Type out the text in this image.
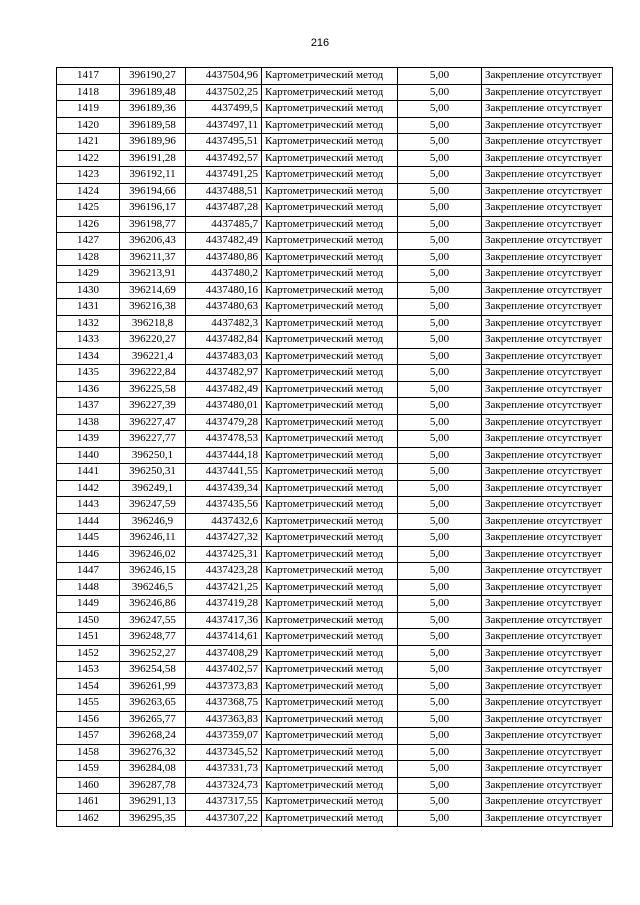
216
1417	396190,27	4437504,96	Картометрический метод	5,00	Закрепление отсутствует
1418	396189,48	4437502,25	Картометрический метод	5,00	Закрепление отсутствует
1419	396189,36	4437499,5	Картометрический метод	5,00	Закрепление отсутствует
1420	396189,58	4437497,11	Картометрический метод	5,00	Закрепление отсутствует
1421	396189,96	4437495,51	Картометрический метод	5,00	Закрепление отсутствует
1422	396191,28	4437492,57	Картометрический метод	5,00	Закрепление отсутствует
1423	396192,11	4437491,25	Картометрический метод	5,00	Закрепление отсутствует
1424	396194,66	4437488,51	Картометрический метод	5,00	Закрепление отсутствует
1425	396196,17	4437487,28	Картометрический метод	5,00	Закрепление отсутствует
1426	396198,77	4437485,7	Картометрический метод	5,00	Закрепление отсутствует
1427	396206,43	4437482,49	Картометрический метод	5,00	Закрепление отсутствует
1428	396211,37	4437480,86	Картометрический метод	5,00	Закрепление отсутствует
1429	396213,91	4437480,2	Картометрический метод	5,00	Закрепление отсутствует
1430	396214,69	4437480,16	Картометрический метод	5,00	Закрепление отсутствует
1431	396216,38	4437480,63	Картометрический метод	5,00	Закрепление отсутствует
1432	396218,8	4437482,3	Картометрический метод	5,00	Закрепление отсутствует
1433	396220,27	4437482,84	Картометрический метод	5,00	Закрепление отсутствует
1434	396221,4	4437483,03	Картометрический метод	5,00	Закрепление отсутствует
1435	396222,84	4437482,97	Картометрический метод	5,00	Закрепление отсутствует
1436	396225,58	4437482,49	Картометрический метод	5,00	Закрепление отсутствует
1437	396227,39	4437480,01	Картометрический метод	5,00	Закрепление отсутствует
1438	396227,47	4437479,28	Картометрический метод	5,00	Закрепление отсутствует
1439	396227,77	4437478,53	Картометрический метод	5,00	Закрепление отсутствует
1440	396250,1	4437444,18	Картометрический метод	5,00	Закрепление отсутствует
1441	396250,31	4437441,55	Картометрический метод	5,00	Закрепление отсутствует
1442	396249,1	4437439,34	Картометрический метод	5,00	Закрепление отсутствует
1443	396247,59	4437435,56	Картометрический метод	5,00	Закрепление отсутствует
1444	396246,9	4437432,6	Картометрический метод	5,00	Закрепление отсутствует
1445	396246,11	4437427,32	Картометрический метод	5,00	Закрепление отсутствует
1446	396246,02	4437425,31	Картометрический метод	5,00	Закрепление отсутствует
1447	396246,15	4437423,28	Картометрический метод	5,00	Закрепление отсутствует
1448	396246,5	4437421,25	Картометрический метод	5,00	Закрепление отсутствует
1449	396246,86	4437419,28	Картометрический метод	5,00	Закрепление отсутствует
1450	396247,55	4437417,36	Картометрический метод	5,00	Закрепление отсутствует
1451	396248,77	4437414,61	Картометрический метод	5,00	Закрепление отсутствует
1452	396252,27	4437408,29	Картометрический метод	5,00	Закрепление отсутствует
1453	396254,58	4437402,57	Картометрический метод	5,00	Закрепление отсутствует
1454	396261,99	4437373,83	Картометрический метод	5,00	Закрепление отсутствует
1455	396263,65	4437368,75	Картометрический метод	5,00	Закрепление отсутствует
1456	396265,77	4437363,83	Картометрический метод	5,00	Закрепление отсутствует
1457	396268,24	4437359,07	Картометрический метод	5,00	Закрепление отсутствует
1458	396276,32	4437345,52	Картометрический метод	5,00	Закрепление отсутствует
1459	396284,08	4437331,73	Картометрический метод	5,00	Закрепление отсутствует
1460	396287,78	4437324,73	Картометрический метод	5,00	Закрепление отсутствует
1461	396291,13	4437317,55	Картометрический метод	5,00	Закрепление отсутствует
1462	396295,35	4437307,22	Картометрический метод	5,00	Закрепление отсутствует
